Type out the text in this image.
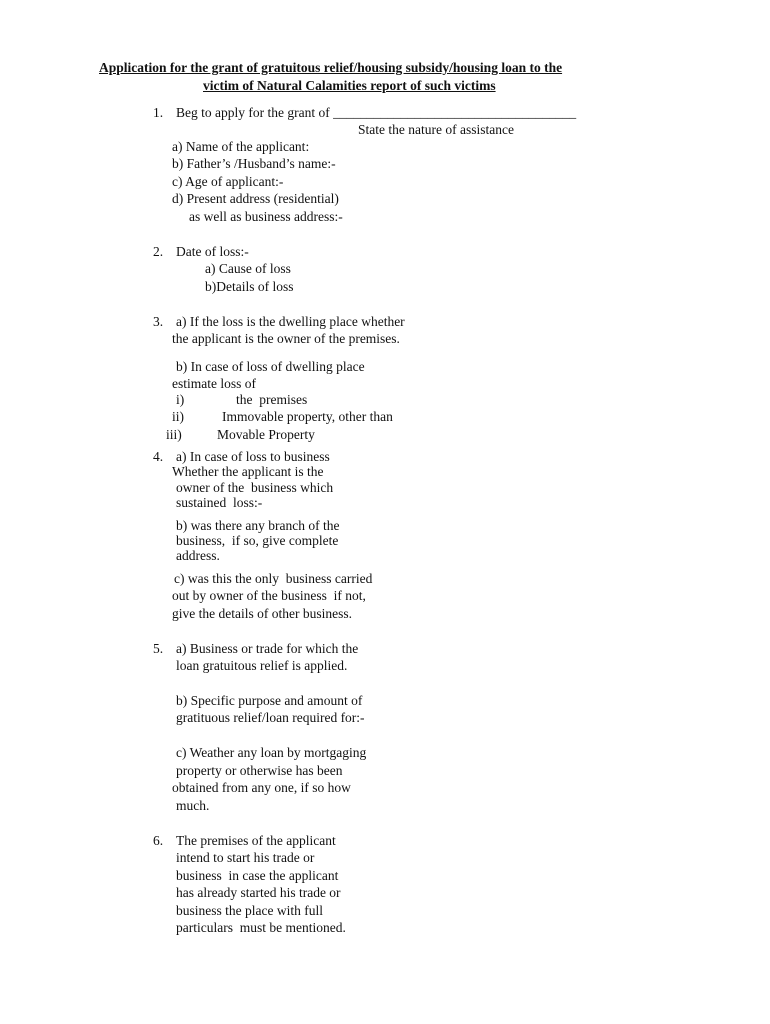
Application for the grant of gratuitous relief/housing subsidy/housing loan to the
victim of Natural Calamities report of such victims
1. Beg to apply for the grant of ____________________________________
State the nature of assistance
a) Name of the applicant:
b) Father’s /Husband’s name:-
c) Age of applicant:-
d) Present address (residential)
as well as business address:-
2. Date of loss:-
a) Cause of loss
b)Details of loss
3. a) If the loss is the dwelling place whether
the applicant is the owner of the premises.
b) In case of loss of dwelling place
estimate loss of
i)	the  premises
ii)	Immovable property, other than
iii)	Movable Property
4. a) In case of loss to business
Whether the applicant is the
owner of the  business which
sustained  loss:-
b) was there any branch of the
business,  if so, give complete
address.
c) was this the only  business carried
out by owner of the business  if not,
give the details of other business.
5. a) Business or trade for which the
loan gratuitous relief is applied.
b) Specific purpose and amount of
gratituous relief/loan required for:-
c) Weather any loan by mortgaging
property or otherwise has been
obtained from any one, if so how
much.
6. The premises of the applicant
intend to start his trade or
business  in case the applicant
has already started his trade or
business the place with full
particulars  must be mentioned.
